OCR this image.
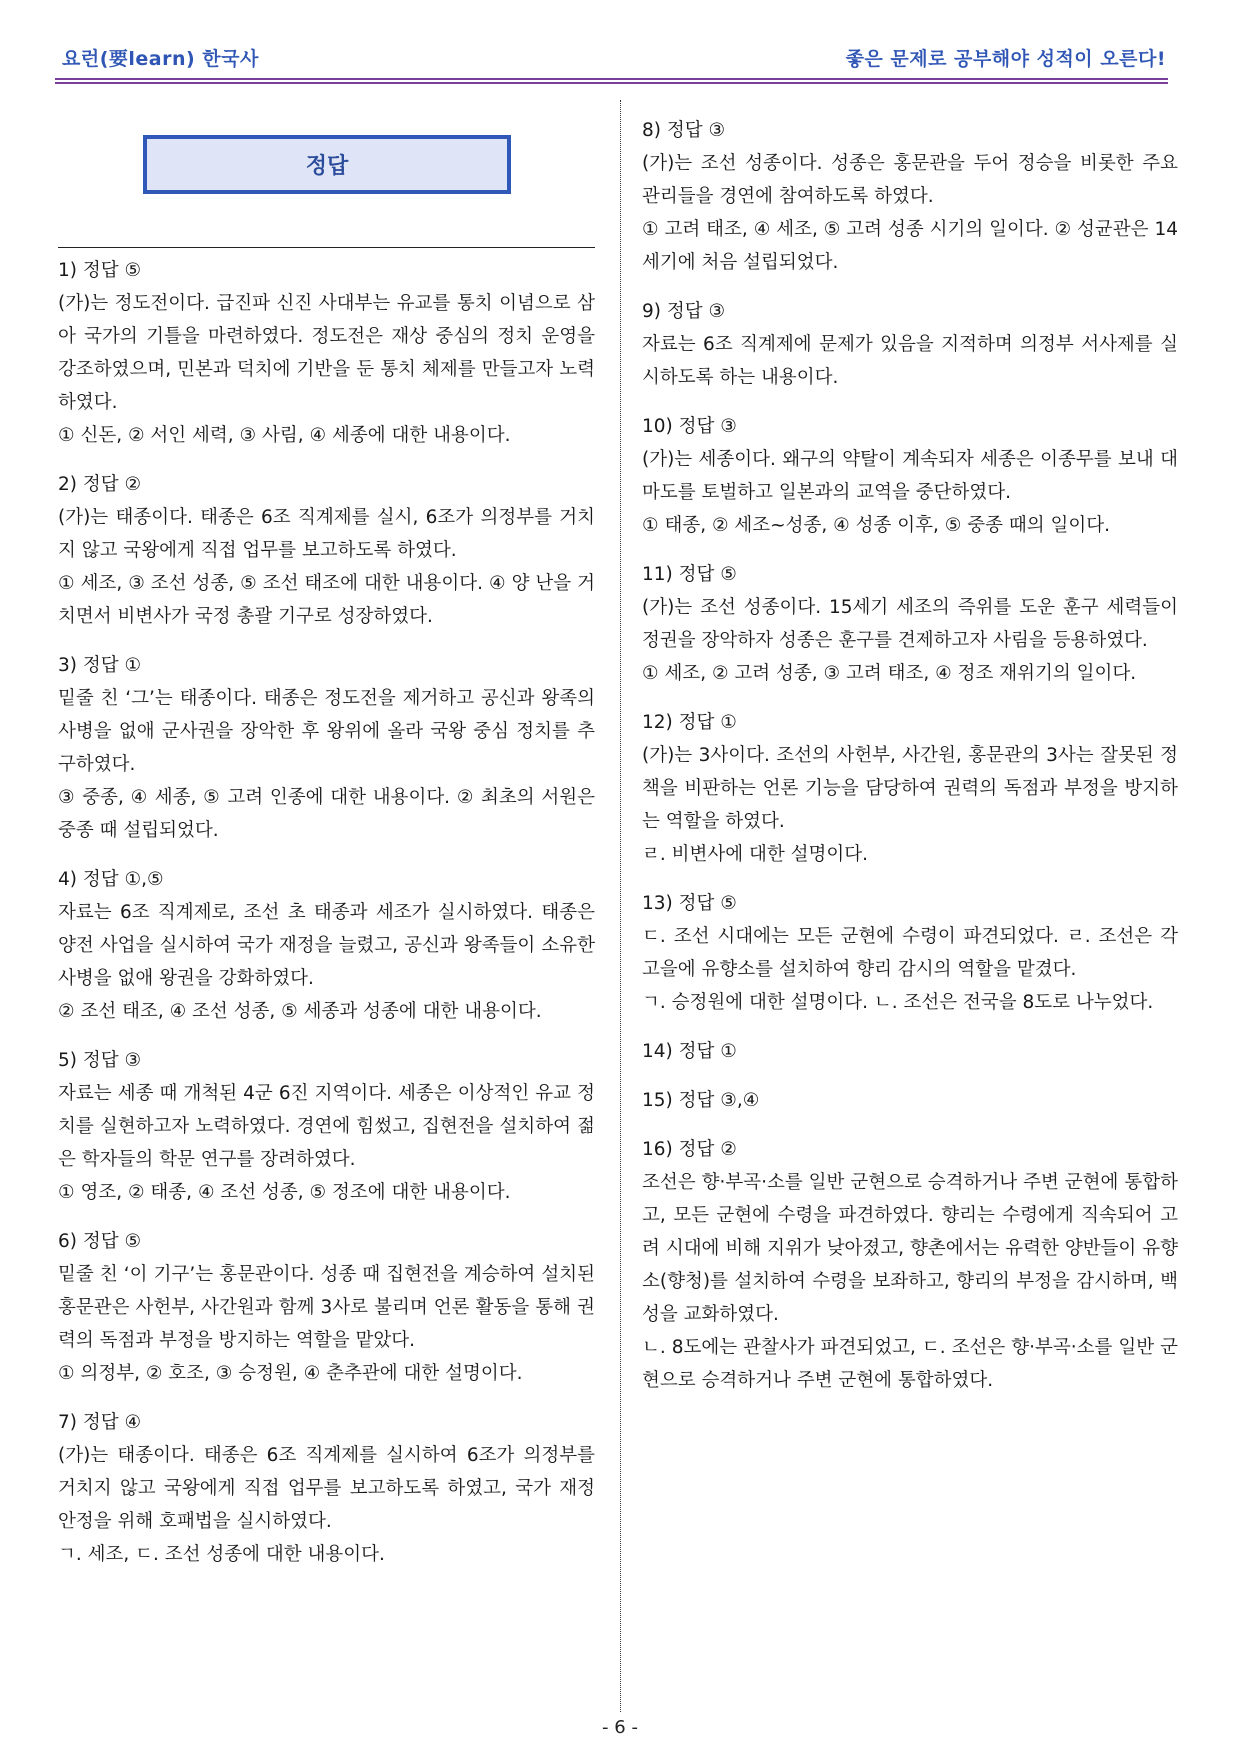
요런(要learn) 한국사	좋은 문제로 공부해야 성적이 오른다!
정답
1) 정답 ⑤

(가)는 정도전이다. 급진파 신진 사대부는 유교를 통치 이념으로 삼아 국가의 기틀을 마련하였다. 정도전은 재상 중심의 정치 운영을 강조하였으며, 민본과 덕치에 기반을 둔 통치 체제를 만들고자 노력하였다.

① 신돈, ② 서인 세력, ③ 사림, ④ 세종에 대한 내용이다.

2) 정답 ②

(가)는 태종이다. 태종은 6조 직계제를 실시, 6조가 의정부를 거치지 않고 국왕에게 직접 업무를 보고하도록 하였다.

① 세조, ③ 조선 성종, ⑤ 조선 태조에 대한 내용이다. ④ 양 난을 거치면서 비변사가 국정 총괄 기구로 성장하였다.

3) 정답 ①

밑줄 친 ‘그’는 태종이다. 태종은 정도전을 제거하고 공신과 왕족의 사병을 없애 군사권을 장악한 후 왕위에 올라 국왕 중심 정치를 추구하였다.

③ 중종, ④ 세종, ⑤ 고려 인종에 대한 내용이다. ② 최초의 서원은 중종 때 설립되었다.

4) 정답 ①,⑤

자료는 6조 직계제로, 조선 초 태종과 세조가 실시하였다. 태종은 양전 사업을 실시하여 국가 재정을 늘렸고, 공신과 왕족들이 소유한 사병을 없애 왕권을 강화하였다.

② 조선 태조, ④ 조선 성종, ⑤ 세종과 성종에 대한 내용이다.

5) 정답 ③

자료는 세종 때 개척된 4군 6진 지역이다. 세종은 이상적인 유교 정치를 실현하고자 노력하였다. 경연에 힘썼고, 집현전을 설치하여 젊은 학자들의 학문 연구를 장려하였다.

① 영조, ② 태종, ④ 조선 성종, ⑤ 정조에 대한 내용이다.

6) 정답 ⑤

밑줄 친 ‘이 기구’는 홍문관이다. 성종 때 집현전을 계승하여 설치된 홍문관은 사헌부, 사간원과 함께 3사로 불리며 언론 활동을 통해 권력의 독점과 부정을 방지하는 역할을 맡았다.

① 의정부, ② 호조, ③ 승정원, ④ 춘추관에 대한 설명이다.

7) 정답 ④

(가)는 태종이다. 태종은 6조 직계제를 실시하여 6조가 의정부를 거치지 않고 국왕에게 직접 업무를 보고하도록 하였고, 국가 재정 안정을 위해 호패법을 실시하였다.

ㄱ. 세조, ㄷ. 조선 성종에 대한 내용이다.

8) 정답 ③

(가)는 조선 성종이다. 성종은 홍문관을 두어 정승을 비롯한 주요 관리들을 경연에 참여하도록 하였다.

① 고려 태조, ④ 세조, ⑤ 고려 성종 시기의 일이다. ② 성균관은 14세기에 처음 설립되었다.

9) 정답 ③

자료는 6조 직계제에 문제가 있음을 지적하며 의정부 서사제를 실시하도록 하는 내용이다.

10) 정답 ③

(가)는 세종이다. 왜구의 약탈이 계속되자 세종은 이종무를 보내 대마도를 토벌하고 일본과의 교역을 중단하였다.

① 태종, ② 세조~성종, ④ 성종 이후, ⑤ 중종 때의 일이다.

11) 정답 ⑤

(가)는 조선 성종이다. 15세기 세조의 즉위를 도운 훈구 세력들이 정권을 장악하자 성종은 훈구를 견제하고자 사림을 등용하였다.

① 세조, ② 고려 성종, ③ 고려 태조, ④ 정조 재위기의 일이다.

12) 정답 ①

(가)는 3사이다. 조선의 사헌부, 사간원, 홍문관의 3사는 잘못된 정책을 비판하는 언론 기능을 담당하여 권력의 독점과 부정을 방지하는 역할을 하였다.

ㄹ. 비변사에 대한 설명이다.

13) 정답 ⑤

ㄷ. 조선 시대에는 모든 군현에 수령이 파견되었다. ㄹ. 조선은 각 고을에 유향소를 설치하여 향리 감시의 역할을 맡겼다.

ㄱ. 승정원에 대한 설명이다. ㄴ. 조선은 전국을 8도로 나누었다.

14) 정답 ①
15) 정답 ③,④
16) 정답 ②

조선은 향·부곡·소를 일반 군현으로 승격하거나 주변 군현에 통합하고, 모든 군현에 수령을 파견하였다. 향리는 수령에게 직속되어 고려 시대에 비해 지위가 낮아졌고, 향촌에서는 유력한 양반들이 유향소(향청)를 설치하여 수령을 보좌하고, 향리의 부정을 감시하며, 백성을 교화하였다.

ㄴ. 8도에는 관찰사가 파견되었고, ㄷ. 조선은 향·부곡·소를 일반 군현으로 승격하거나 주변 군현에 통합하였다.

- 6 -
